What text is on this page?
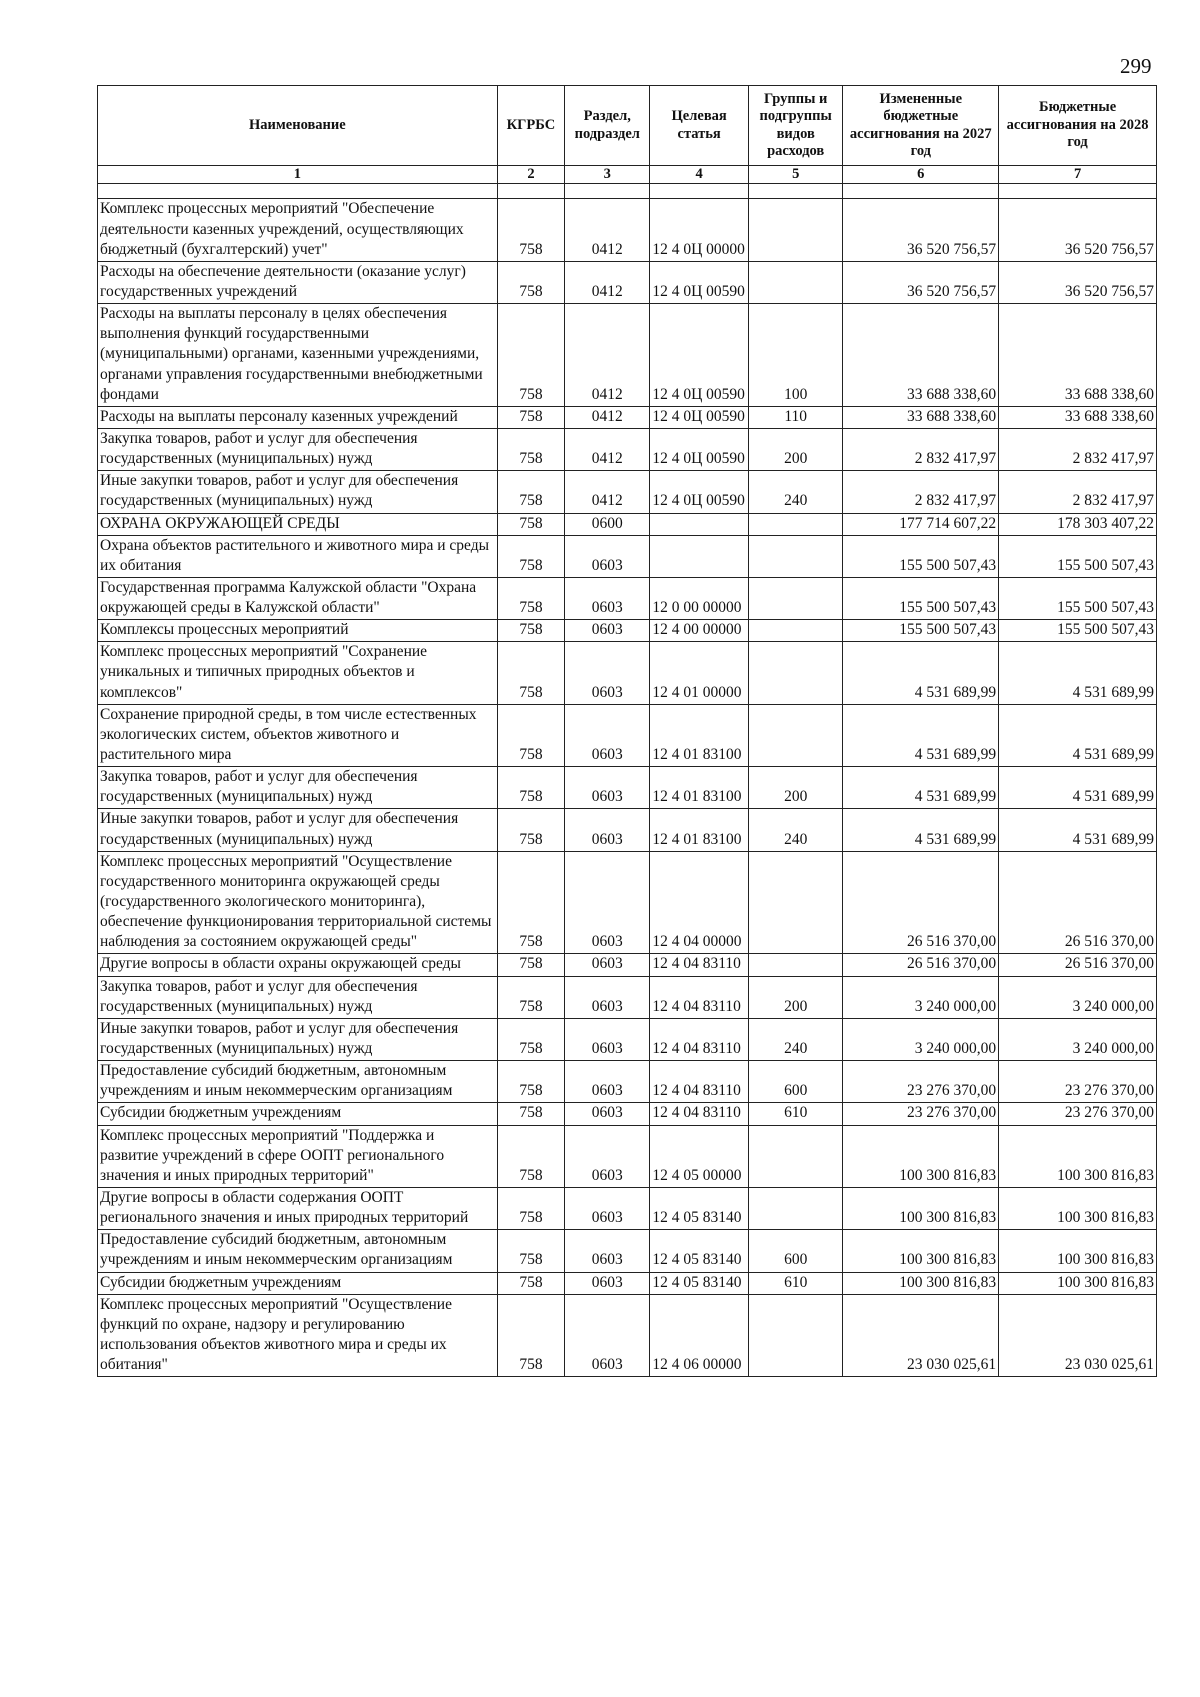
299
Наименование	КГРБС	Раздел, подраздел	Целевая статья	Группы и подгруппы видов расходов	Измененные бюджетные ассигнования на 2027 год	Бюджетные ассигнования на 2028 год
1	2	3	4	5	6	7

Комплекс процессных мероприятий "Обеспечение деятельности казенных учреждений, осуществляющих бюджетный (бухгалтерский) учет"	758	0412	12 4 0Ц 00000		36 520 756,57	36 520 756,57
Расходы на обеспечение деятельности (оказание услуг) государственных учреждений	758	0412	12 4 0Ц 00590		36 520 756,57	36 520 756,57
Расходы на выплаты персоналу в целях обеспечения выполнения функций государственными (муниципальными) органами, казенными учреждениями, органами управления государственными внебюджетными фондами	758	0412	12 4 0Ц 00590	100	33 688 338,60	33 688 338,60
Расходы на выплаты персоналу казенных учреждений	758	0412	12 4 0Ц 00590	110	33 688 338,60	33 688 338,60
Закупка товаров, работ и услуг для обеспечения государственных (муниципальных) нужд	758	0412	12 4 0Ц 00590	200	2 832 417,97	2 832 417,97
Иные закупки товаров, работ и услуг для обеспечения государственных (муниципальных) нужд	758	0412	12 4 0Ц 00590	240	2 832 417,97	2 832 417,97
ОХРАНА ОКРУЖАЮЩЕЙ СРЕДЫ	758	0600			177 714 607,22	178 303 407,22
Охрана объектов растительного и животного мира и среды их обитания	758	0603			155 500 507,43	155 500 507,43
Государственная программа Калужской области "Охрана окружающей среды в Калужской области"	758	0603	12 0 00 00000		155 500 507,43	155 500 507,43
Комплексы процессных мероприятий	758	0603	12 4 00 00000		155 500 507,43	155 500 507,43
Комплекс процессных мероприятий "Сохранение уникальных и типичных природных объектов и комплексов"	758	0603	12 4 01 00000		4 531 689,99	4 531 689,99
Сохранение природной среды, в том числе естественных экологических систем, объектов животного и растительного мира	758	0603	12 4 01 83100		4 531 689,99	4 531 689,99
Закупка товаров, работ и услуг для обеспечения государственных (муниципальных) нужд	758	0603	12 4 01 83100	200	4 531 689,99	4 531 689,99
Иные закупки товаров, работ и услуг для обеспечения государственных (муниципальных) нужд	758	0603	12 4 01 83100	240	4 531 689,99	4 531 689,99
Комплекс процессных мероприятий "Осуществление государственного мониторинга окружающей среды (государственного экологического мониторинга), обеспечение функционирования территориальной системы наблюдения за состоянием окружающей среды"	758	0603	12 4 04 00000		26 516 370,00	26 516 370,00
Другие вопросы в области охраны окружающей среды	758	0603	12 4 04 83110		26 516 370,00	26 516 370,00
Закупка товаров, работ и услуг для обеспечения государственных (муниципальных) нужд	758	0603	12 4 04 83110	200	3 240 000,00	3 240 000,00
Иные закупки товаров, работ и услуг для обеспечения государственных (муниципальных) нужд	758	0603	12 4 04 83110	240	3 240 000,00	3 240 000,00
Предоставление субсидий бюджетным, автономным учреждениям и иным некоммерческим организациям	758	0603	12 4 04 83110	600	23 276 370,00	23 276 370,00
Субсидии бюджетным учреждениям	758	0603	12 4 04 83110	610	23 276 370,00	23 276 370,00
Комплекс процессных мероприятий "Поддержка и развитие учреждений в сфере ООПТ регионального значения и иных природных территорий"	758	0603	12 4 05 00000		100 300 816,83	100 300 816,83
Другие вопросы в области содержания ООПТ регионального значения и иных природных территорий	758	0603	12 4 05 83140		100 300 816,83	100 300 816,83
Предоставление субсидий бюджетным, автономным учреждениям и иным некоммерческим организациям	758	0603	12 4 05 83140	600	100 300 816,83	100 300 816,83
Субсидии бюджетным учреждениям	758	0603	12 4 05 83140	610	100 300 816,83	100 300 816,83
Комплекс процессных мероприятий "Осуществление функций по охране, надзору и регулированию использования объектов животного мира и среды их обитания"	758	0603	12 4 06 00000		23 030 025,61	23 030 025,61
